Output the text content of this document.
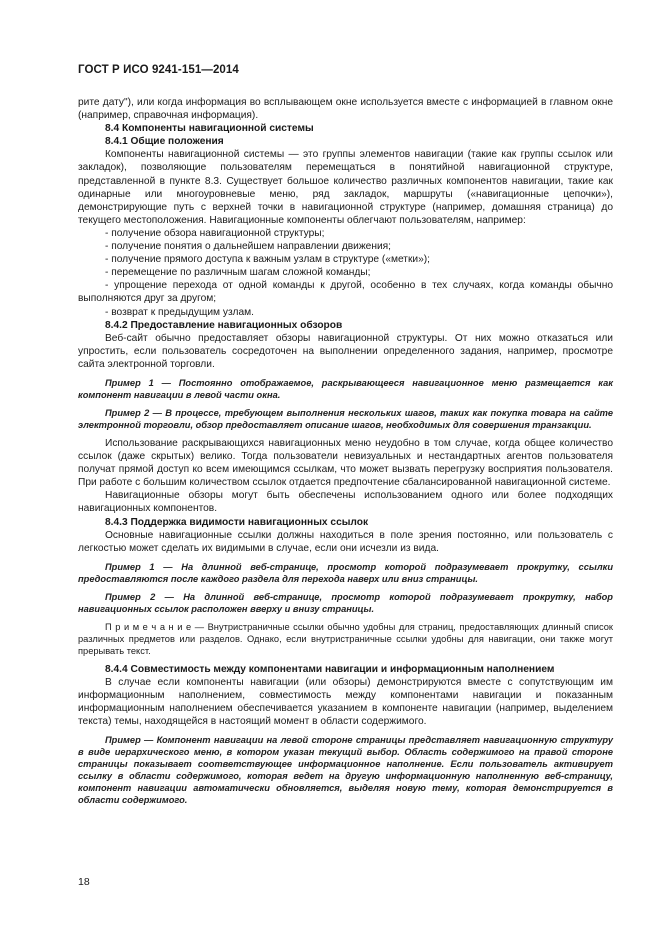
ГОСТ Р ИСО 9241-151—2014

рите дату"), или когда информация во всплывающем окне используется вместе с информацией в главном окне (например, справочная информация).

8.4 Компоненты навигационной системы

8.4.1 Общие положения

Компоненты навигационной системы — это группы элементов навигации (такие как группы ссылок или закладок), позволяющие пользователям перемещаться в понятийной навигационной структуре, представленной в пункте 8.3. Существует большое количество различных компонентов навигации, такие как одинарные или многоуровневые меню, ряд закладок, маршруты («навигационные цепочки»), демонстрирующие путь с верхней точки в навигационной структуре (например, домашняя страница) до текущего местоположения. Навигационные компоненты облегчают пользователям, например:

- получение обзора навигационной структуры;

- получение понятия о дальнейшем направлении движения;

- получение прямого доступа к важным узлам в структуре («метки»);

- перемещение по различным шагам сложной команды;

- упрощение перехода от одной команды к другой, особенно в тех случаях, когда команды обычно выполняются друг за другом;

- возврат к предыдущим узлам.

8.4.2 Предоставление навигационных обзоров

Веб-сайт обычно предоставляет обзоры навигационной структуры. От них можно отказаться или упростить, если пользователь сосредоточен на выполнении определенного задания, например, просмотре сайта электронной торговли.

Пример 1 — Постоянно отображаемое, раскрывающееся навигационное меню размещается как компонент навигации в левой части окна.

Пример 2 — В процессе, требующем выполнения нескольких шагов, таких как покупка товара на сайте электронной торговли, обзор предоставляет описание шагов, необходимых для совершения транзакции.

Использование раскрывающихся навигационных меню неудобно в том случае, когда общее количество ссылок (даже скрытых) велико. Тогда пользователи невизуальных и нестандартных агентов пользователя получат прямой доступ ко всем имеющимся ссылкам, что может вызвать перегрузку восприятия пользователя. При работе с большим количеством ссылок отдается предпочтение сбалансированной навигационной системе.

Навигационные обзоры могут быть обеспечены использованием одного или более подходящих навигационных компонентов.

8.4.3 Поддержка видимости навигационных ссылок

Основные навигационные ссылки должны находиться в поле зрения постоянно, или пользователь с легкостью может сделать их видимыми в случае, если они исчезли из вида.

Пример 1 — На длинной веб-странице, просмотр которой подразумевает прокрутку, ссылки предоставляются после каждого раздела для перехода наверх или вниз страницы.

Пример 2 — На длинной веб-странице, просмотр которой подразумевает прокрутку, набор навигационных ссылок расположен вверху и внизу страницы.

П р и м е ч а н и е — Внутристраничные ссылки обычно удобны для страниц, предоставляющих длинный список различных предметов или разделов. Однако, если внутристраничные ссылки удобны для навигации, они также могут прерывать текст.

8.4.4 Совместимость между компонентами навигации и информационным наполнением

В случае если компоненты навигации (или обзоры) демонстрируются вместе с сопутствующим им информационным наполнением, совместимость между компонентами навигации и показанным информационным наполнением обеспечивается указанием в компоненте навигации (например, выделением текста) темы, находящейся в настоящий момент в области содержимого.

Пример — Компонент навигации на левой стороне страницы представляет навигационную структуру в виде иерархического меню, в котором указан текущий выбор. Область содержимого на правой стороне страницы показывает соответствующее информационное наполнение. Если пользователь активирует ссылку в области содержимого, которая ведет на другую информационную наполненную веб-страницу, компонент навигации автоматически обновляется, выделяя новую тему, которая демонстрируется в области содержимого.

18
